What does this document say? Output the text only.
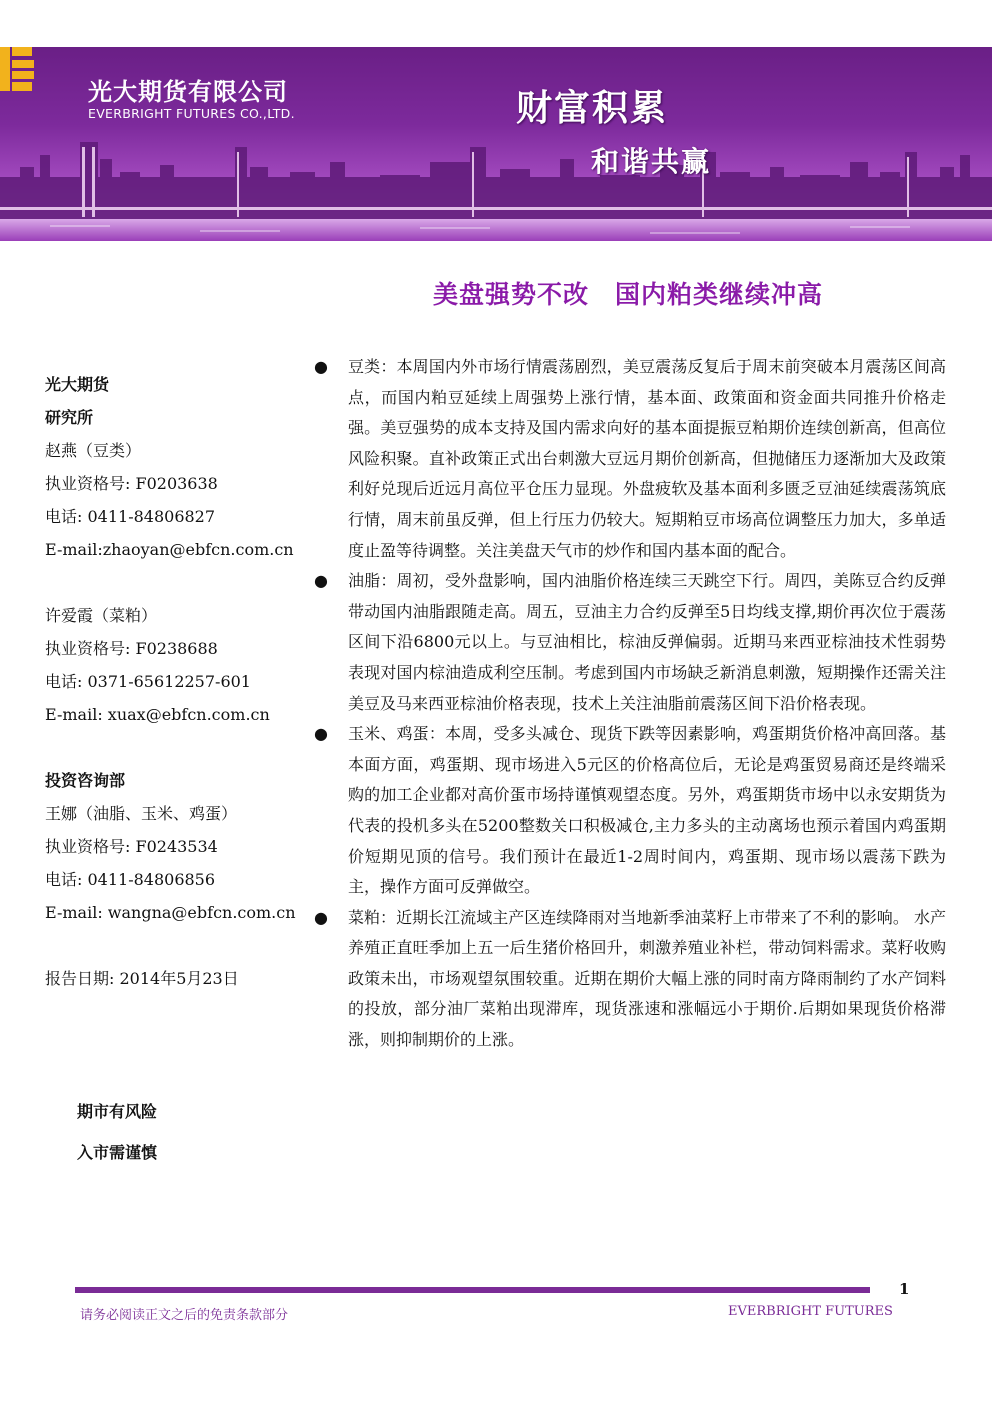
光大期货有限公司
EVERBRIGHT FUTURES CO.,LTD.	财富积累
和谐共赢
美盘强势不改　国内粕类继续冲高
光大期货
研究所
赵燕（豆类）
执业资格号: F0203638
电话: 0411-84806827
E-mail:zhaoyan@ebfcn.com.cn
许爱霞（菜粕）
执业资格号: F0238688
电话: 0371-65612257-601
E-mail: xuax@ebfcn.com.cn
投资咨询部
王娜（油脂、玉米、鸡蛋）
执业资格号: F0243534
电话: 0411-84806856
E-mail: wangna@ebfcn.com.cn
报告日期: 2014年5月23日
期市有风险
入市需谨慎
● 豆类：本周国内外市场行情震荡剧烈，美豆震荡反复后于周末前突破本月震荡区间高点，而国内粕豆延续上周强势上涨行情，基本面、政策面和资金面共同推升价格走强。美豆强势的成本支持及国内需求向好的基本面提振豆粕期价连续创新高，但高位风险积聚。直补政策正式出台刺激大豆远月期价创新高，但抛储压力逐渐加大及政策利好兑现后近远月高位平仓压力显现。外盘疲软及基本面利多匮乏豆油延续震荡筑底行情，周末前虽反弹，但上行压力仍较大。短期粕豆市场高位调整压力加大，多单适度止盈等待调整。关注美盘天气市的炒作和国内基本面的配合。
● 油脂：周初，受外盘影响，国内油脂价格连续三天跳空下行。周四，美陈豆合约反弹带动国内油脂跟随走高。周五，豆油主力合约反弹至5日均线支撑,期价再次位于震荡区间下沿6800元以上。与豆油相比，棕油反弹偏弱。近期马来西亚棕油技术性弱势表现对国内棕油造成利空压制。考虑到国内市场缺乏新消息刺激，短期操作还需关注美豆及马来西亚棕油价格表现，技术上关注油脂前震荡区间下沿价格表现。
● 玉米、鸡蛋：本周，受多头减仓、现货下跌等因素影响，鸡蛋期货价格冲高回落。基本面方面，鸡蛋期、现市场进入5元区的价格高位后，无论是鸡蛋贸易商还是终端采购的加工企业都对高价蛋市场持谨慎观望态度。另外，鸡蛋期货市场中以永安期货为代表的投机多头在5200整数关口积极减仓,主力多头的主动离场也预示着国内鸡蛋期价短期见顶的信号。我们预计在最近1-2周时间内，鸡蛋期、现市场以震荡下跌为主，操作方面可反弹做空。
● 菜粕：近期长江流域主产区连续降雨对当地新季油菜籽上市带来了不利的影响。 水产养殖正直旺季加上五一后生猪价格回升，刺激养殖业补栏，带动饲料需求。菜籽收购政策未出，市场观望氛围较重。近期在期价大幅上涨的同时南方降雨制约了水产饲料的投放，部分油厂菜粕出现滞库，现货涨速和涨幅远小于期价.后期如果现货价格滞涨，则抑制期价的上涨。
1
请务必阅读正文之后的免责条款部分	EVERBRIGHT FUTURES
